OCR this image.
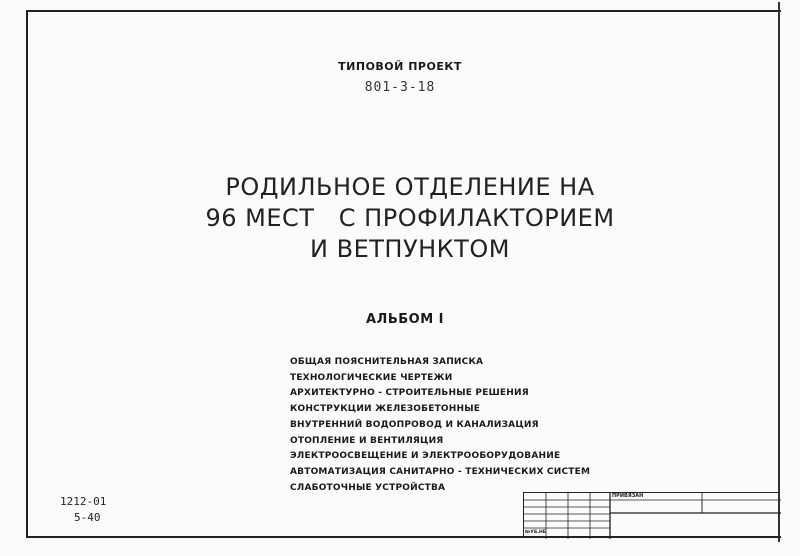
ТИПОВОЙ ПРОЕКТ
801-3-18
РОДИЛЬНОЕ ОТДЕЛЕНИЕ НА
96 МЕСТ   С ПРОФИЛАКТОРИЕМ
И ВЕТПУНКТОМ
АЛЬБОМ I
ОБЩАЯ ПОЯСНИТЕЛЬНАЯ ЗАПИСКА
ТЕХНОЛОГИЧЕСКИЕ ЧЕРТЕЖИ
АРХИТЕКТУРНО - СТРОИТЕЛЬНЫЕ РЕШЕНИЯ
КОНСТРУКЦИИ ЖЕЛЕЗОБЕТОННЫЕ
ВНУТРЕННИЙ ВОДОПРОВОД И КАНАЛИЗАЦИЯ
ОТОПЛЕНИЕ И ВЕНТИЛЯЦИЯ
ЭЛЕКТРООСВЕЩЕНИЕ И ЭЛЕКТРООБОРУДОВАНИЕ
АВТОМАТИЗАЦИЯ САНИТАРНО - ТЕХНИЧЕСКИХ СИСТЕМ
СЛАБОТОЧНЫЕ УСТРОЙСТВА
1212-01
5-40
ПРИВЯЗАН
№УБ.НЕ
